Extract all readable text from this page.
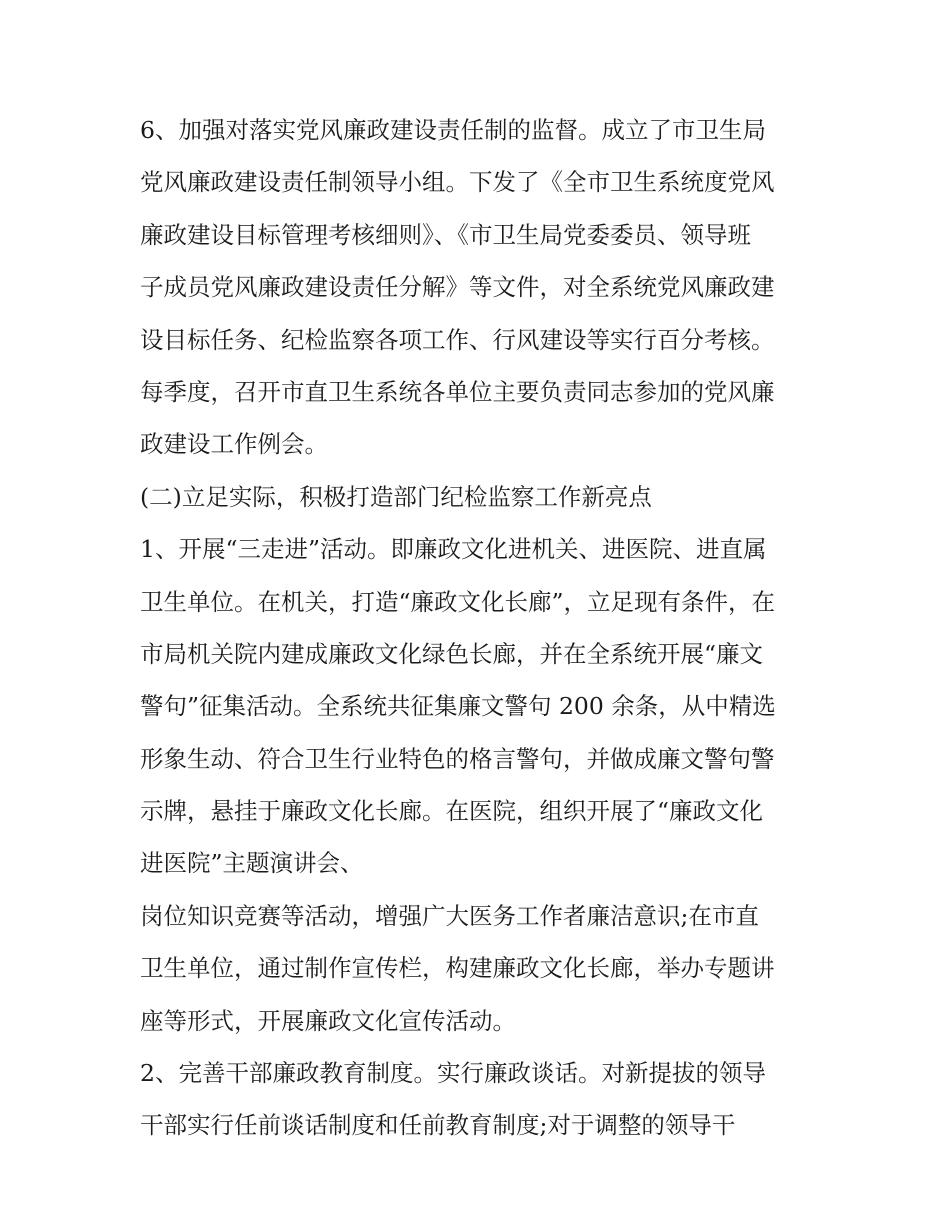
6、加强对落实党风廉政建设责任制的监督。成立了市卫生局
党风廉政建设责任制领导小组。下发了《全市卫生系统度党风
廉政建设目标管理考核细则》、《市卫生局党委委员、领导班
子成员党风廉政建设责任分解》等文件，对全系统党风廉政建
设目标任务、纪检监察各项工作、行风建设等实行百分考核。
每季度，召开市直卫生系统各单位主要负责同志参加的党风廉
政建设工作例会。
(二)立足实际，积极打造部门纪检监察工作新亮点
1、开展“三走进”活动。即廉政文化进机关、进医院、进直属
卫生单位。在机关，打造“廉政文化长廊”，立足现有条件，在
市局机关院内建成廉政文化绿色长廊，并在全系统开展“廉文
警句”征集活动。全系统共征集廉文警句 200 余条，从中精选
形象生动、符合卫生行业特色的格言警句，并做成廉文警句警
示牌，悬挂于廉政文化长廊。在医院，组织开展了“廉政文化
进医院”主题演讲会、
岗位知识竞赛等活动，增强广大医务工作者廉洁意识;在市直
卫生单位，通过制作宣传栏，构建廉政文化长廊，举办专题讲
座等形式，开展廉政文化宣传活动。
2、完善干部廉政教育制度。实行廉政谈话。对新提拔的领导
干部实行任前谈话制度和任前教育制度;对于调整的领导干
